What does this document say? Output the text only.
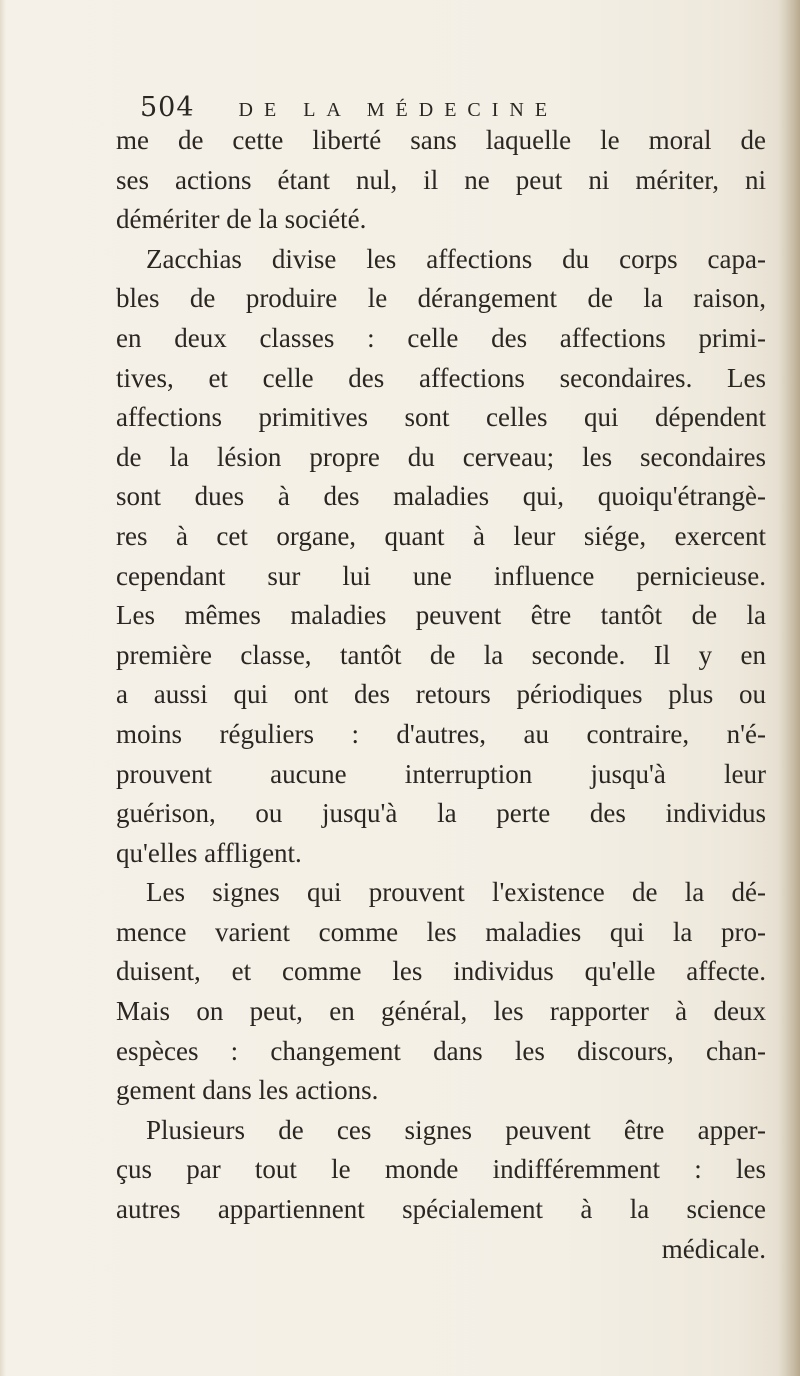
504 DE LA MÉDECINE
me de cette liberté sans laquelle le moral de
ses actions étant nul, il ne peut ni mériter, ni
démériter de la société.
Zacchias divise les affections du corps capa-
bles de produire le dérangement de la raison,
en deux classes : celle des affections primi-
tives, et celle des affections secondaires. Les
affections primitives sont celles qui dépendent
de la lésion propre du cerveau; les secondaires
sont dues à des maladies qui, quoiqu'étrangè-
res à cet organe, quant à leur siége, exercent
cependant sur lui une influence pernicieuse.
Les mêmes maladies peuvent être tantôt de la
première classe, tantôt de la seconde. Il y en
a aussi qui ont des retours périodiques plus ou
moins réguliers : d'autres, au contraire, n'é-
prouvent aucune interruption jusqu'à leur
guérison, ou jusqu'à la perte des individus
qu'elles affligent.
Les signes qui prouvent l'existence de la dé-
mence varient comme les maladies qui la pro-
duisent, et comme les individus qu'elle affecte.
Mais on peut, en général, les rapporter à deux
espèces : changement dans les discours, chan-
gement dans les actions.
Plusieurs de ces signes peuvent être apper-
çus par tout le monde indifféremment : les
autres appartiennent spécialement à la science
médicale.
